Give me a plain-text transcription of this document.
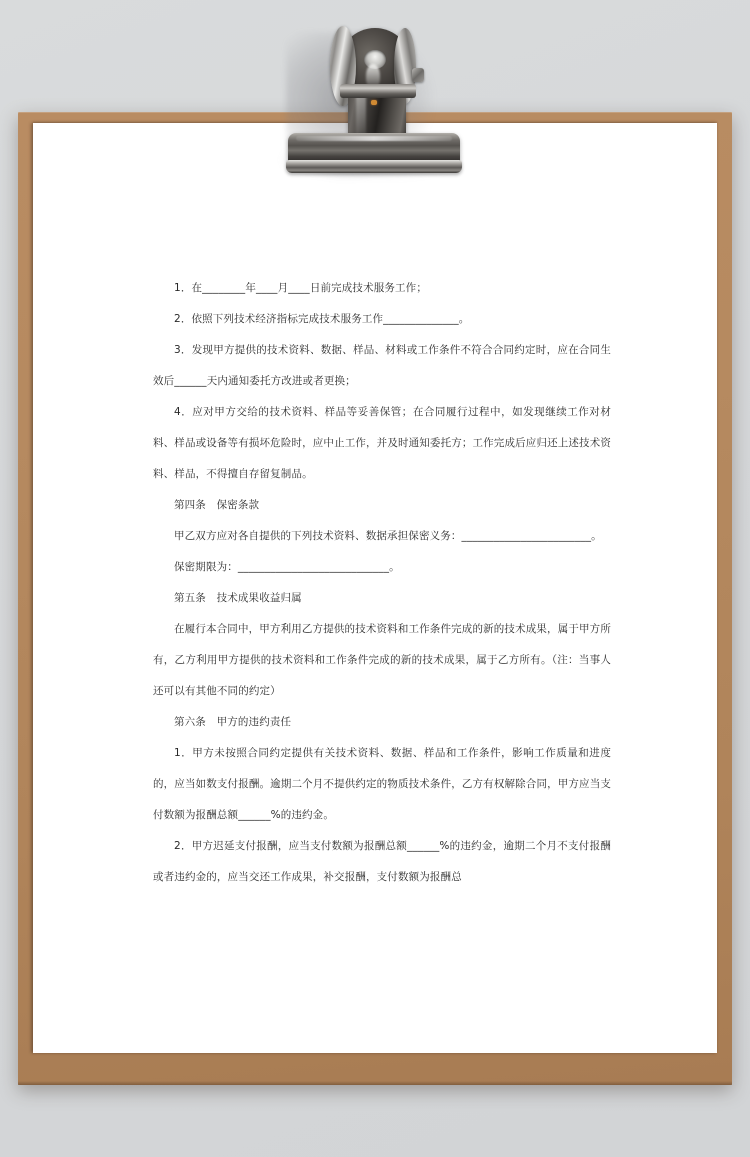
1．在________年____月____日前完成技术服务工作；

2．依照下列技术经济指标完成技术服务工作______________。

3．发现甲方提供的技术资料、数据、样品、材料或工作条件不符合合同约定时，应在合同生效后______天内通知委托方改进或者更换；

4．应对甲方交给的技术资料、样品等妥善保管；在合同履行过程中，如发现继续工作对材料、样品或设备等有损坏危险时，应中止工作，并及时通知委托方；工作完成后应归还上述技术资料、样品，不得擅自存留复制品。

第四条　保密条款

甲乙双方应对各自提供的下列技术资料、数据承担保密义务：________________________。

保密期限为：____________________________。

第五条　技术成果收益归属

在履行本合同中，甲方利用乙方提供的技术资料和工作条件完成的新的技术成果，属于甲方所有，乙方利用甲方提供的技术资料和工作条件完成的新的技术成果，属于乙方所有。（注：当事人还可以有其他不同的约定）

第六条　甲方的违约责任

1．甲方未按照合同约定提供有关技术资料、数据、样品和工作条件，影响工作质量和进度的，应当如数支付报酬。逾期二个月不提供约定的物质技术条件，乙方有权解除合同，甲方应当支付数额为报酬总额______%的违约金。

2．甲方迟延支付报酬，应当支付数额为报酬总额______%的违约金，逾期二个月不支付报酬或者违约金的，应当交还工作成果，补交报酬，支付数额为报酬总
